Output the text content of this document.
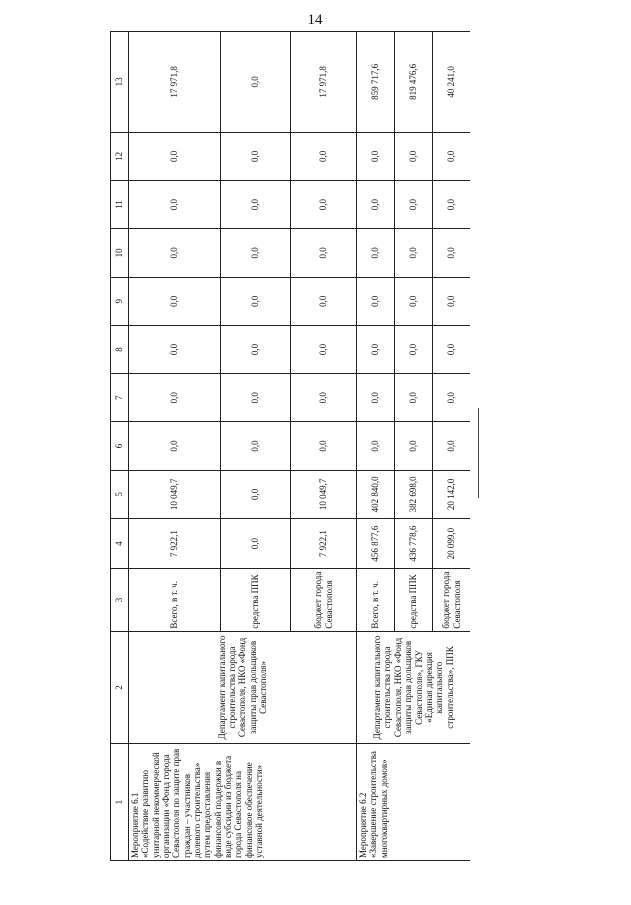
14
1	2	3	4	5	6	7	8	9	10	11	12	13
Мероприятие 6.1 «Содействие развитию унитарной некоммерческой организации «Фонд города Севастополя по защите прав граждан – участников долевого строительства» путем предоставления финансовой поддержки в виде субсидии из бюджета города Севастополя на финансовое обеспечение уставной деятельности»	Департамент капитального строительства города Севастополя, НКО «Фонд защиты прав дольщиков Севастополя»	Всего, в т. ч.	7 922,1	10 049,7	0,0	0,0	0,0	0,0	0,0	0,0	0,0	17 971,8
		средства ППК	0,0	0,0	0,0	0,0	0,0	0,0	0,0	0,0	0,0	0,0
		бюджет города Севастополя	7 922,1	10 049,7	0,0	0,0	0,0	0,0	0,0	0,0	0,0	17 971,8
Мероприятие 6.2 «Завершение строительства многоквартирных домов»	Департамент капитального строительства города Севастополя, НКО «Фонд защиты прав дольщиков Севастополя», ГКУ «Единая дирекция капитального строительства», ППК	Всего, в т. ч.	456 877,6	402 840,0	0,0	0,0	0,0	0,0	0,0	0,0	0,0	859 717,6
		средства ППК	436 778,6	382 698,0	0,0	0,0	0,0	0,0	0,0	0,0	0,0	819 476,6
		бюджет города Севастополя	20 099,0	20 142,0	0,0	0,0	0,0	0,0	0,0	0,0	0,0	40 241,0
